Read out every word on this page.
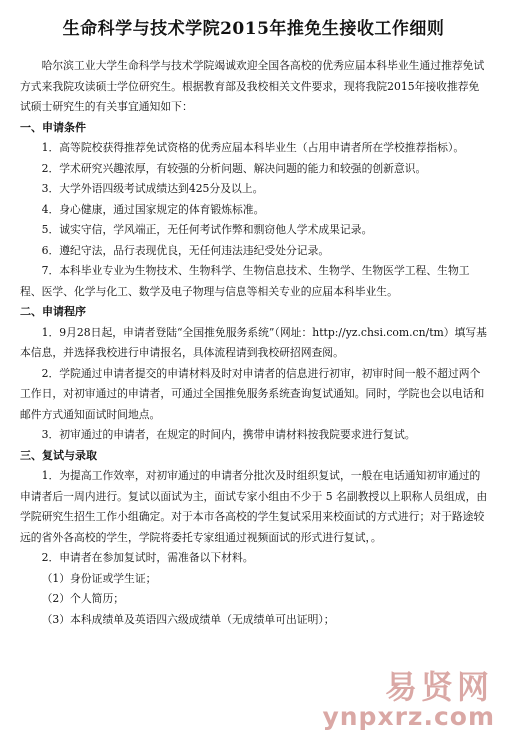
生命科学与技术学院2015年推免生接收工作细则

哈尔滨工业大学生命科学与技术学院竭诚欢迎全国各高校的优秀应届本科毕业生通过推荐免试方式来我院攻读硕士学位研究生。根据教育部及我校相关文件要求，现将我院2015年接收推荐免试硕士研究生的有关事宜通知如下：

一、申请条件

1．高等院校获得推荐免试资格的优秀应届本科毕业生（占用申请者所在学校推荐指标）。

2．学术研究兴趣浓厚，有较强的分析问题、解决问题的能力和较强的创新意识。

3．大学外语四级考试成绩达到425分及以上。

4．身心健康，通过国家规定的体育锻炼标准。

5．诚实守信，学风端正，无任何考试作弊和剽窃他人学术成果记录。

6．遵纪守法，品行表现优良，无任何违法违纪受处分记录。

7．本科毕业专业为生物技术、生物科学、生物信息技术、生物学、生物医学工程、生物工程、医学、化学与化工、数学及电子物理与信息等相关专业的应届本科毕业生。

二、申请程序

1．9月28日起，申请者登陆“全国推免服务系统”（网址：http://yz.chsi.com.cn/tm）填写基本信息，并选择我校进行申请报名，具体流程请到我校研招网查阅。

2．学院通过申请者提交的申请材料及时对申请者的信息进行初审，初审时间一般不超过两个工作日，对初审通过的申请者，可通过全国推免服务系统查询复试通知。同时，学院也会以电话和邮件方式通知面试时间地点。

3．初审通过的申请者，在规定的时间内，携带申请材料按我院要求进行复试。

三、复试与录取

1．为提高工作效率，对初审通过的申请者分批次及时组织复试，一般在电话通知初审通过的申请者后一周内进行。复试以面试为主，面试专家小组由不少于 5 名副教授以上职称人员组成，由学院研究生招生工作小组确定。对于本市各高校的学生复试采用来校面试的方式进行；对于路途较远的省外各高校的学生，学院将委托专家组通过视频面试的形式进行复试，。

2．申请者在参加复试时，需准备以下材料。

（1）身份证或学生证；

（2）个人简历；

（3）本科成绩单及英语四六级成绩单（无成绩单可出证明）；

易贤网
ynpxrz.com
